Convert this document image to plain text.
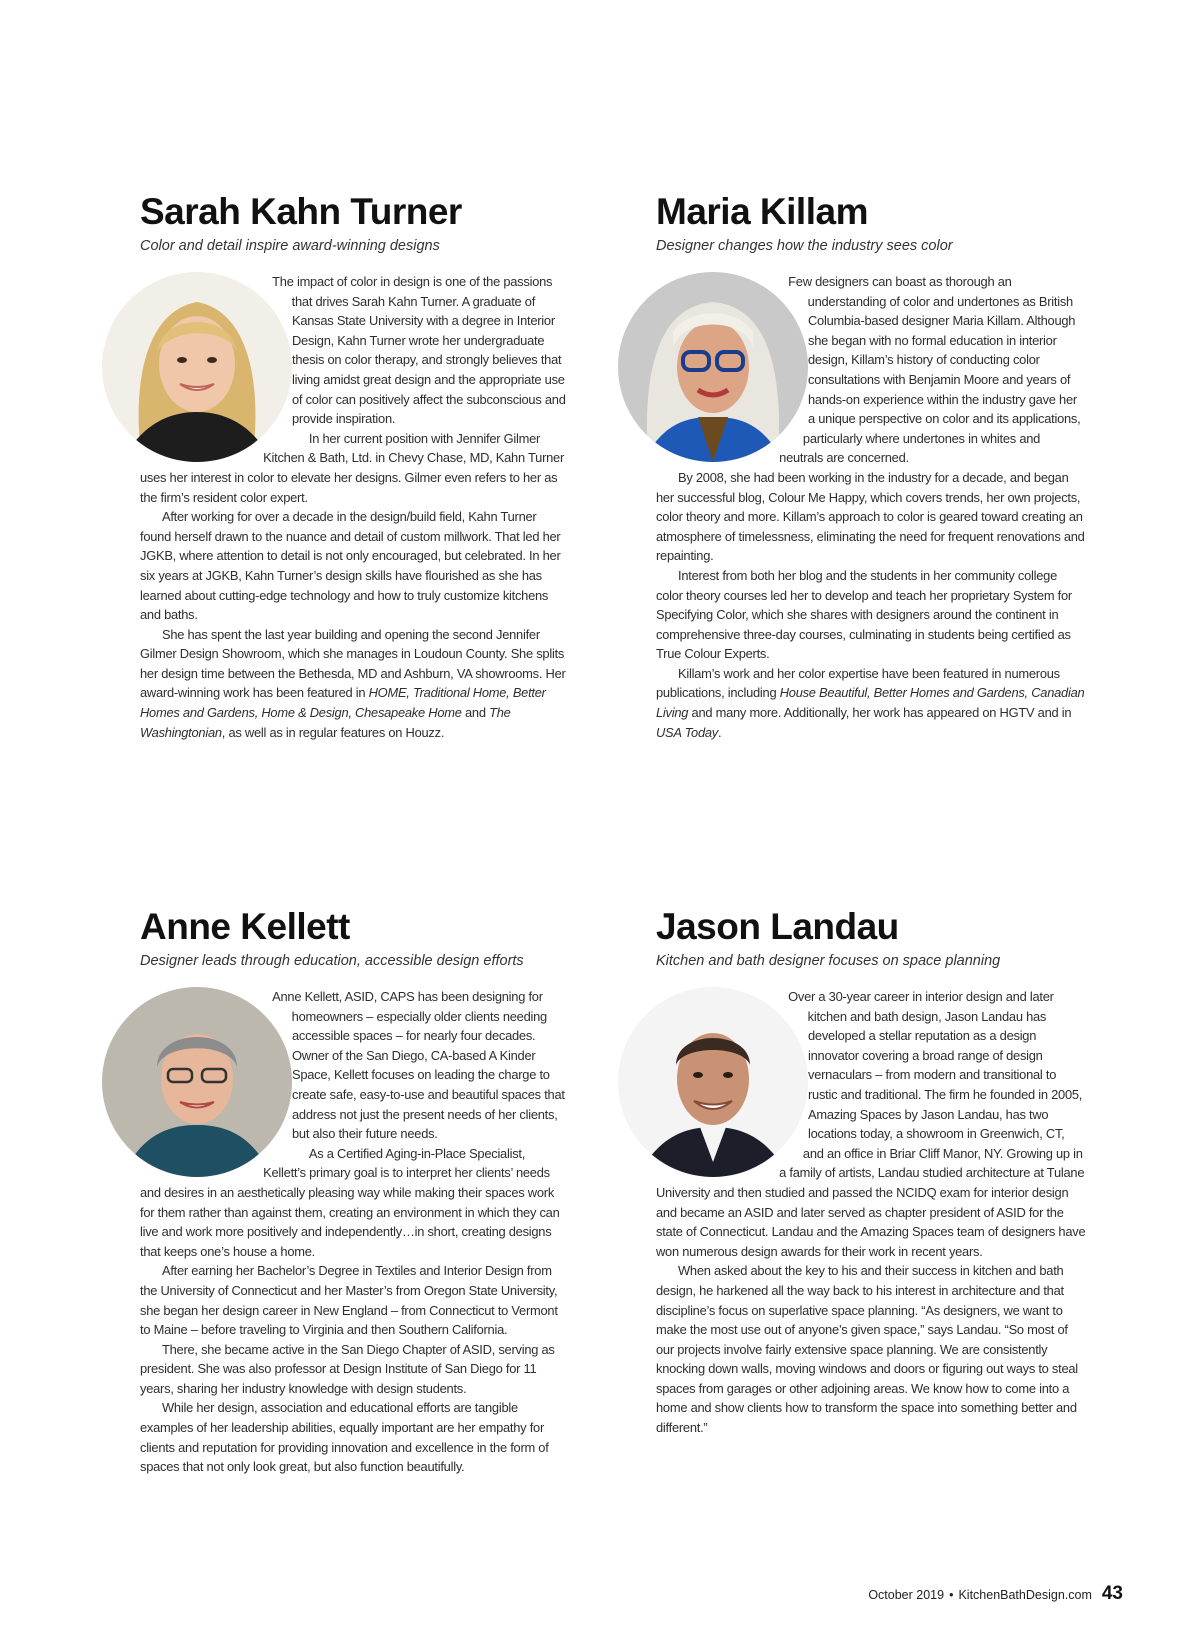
Sarah Kahn Turner
Color and detail inspire award-winning designs

The impact of color in design is one of the passions that drives Sarah Kahn Turner. A graduate of Kansas State University with a degree in Interior Design, Kahn Turner wrote her undergraduate thesis on color therapy, and strongly believes that living amidst great design and the appropriate use of color can positively affect the subconscious and provide inspiration.

In her current position with Jennifer Gilmer Kitchen & Bath, Ltd. in Chevy Chase, MD, Kahn Turner uses her interest in color to elevate her designs. Gilmer even refers to her as the firm’s resident color expert.

After working for over a decade in the design/build field, Kahn Turner found herself drawn to the nuance and detail of custom millwork. That led her JGKB, where attention to detail is not only encouraged, but celebrated. In her six years at JGKB, Kahn Turner’s design skills have flourished as she has learned about cutting-edge technology and how to truly customize kitchens and baths.

She has spent the last year building and opening the second Jennifer Gilmer Design Showroom, which she manages in Loudoun County. She splits her design time between the Bethesda, MD and Ashburn, VA showrooms. Her award-winning work has been featured in HOME, Traditional Home, Better Homes and Gardens, Home & Design, Chesapeake Home and The Washingtonian, as well as in regular features on Houzz.

Maria Killam
Designer changes how the industry sees color

Few designers can boast as thorough an understanding of color and undertones as British Columbia-based designer Maria Killam. Although she began with no formal education in interior design, Killam’s history of conducting color consultations with Benjamin Moore and years of hands-on experience within the industry gave her a unique perspective on color and its applications, particularly where undertones in whites and neutrals are concerned.

By 2008, she had been working in the industry for a decade, and began her successful blog, Colour Me Happy, which covers trends, her own projects, color theory and more. Killam’s approach to color is geared toward creating an atmosphere of timelessness, eliminating the need for frequent renovations and repainting.

Interest from both her blog and the students in her community college color theory courses led her to develop and teach her proprietary System for Specifying Color, which she shares with designers around the continent in comprehensive three-day courses, culminating in students being certified as True Colour Experts.

Killam’s work and her color expertise have been featured in numerous publications, including House Beautiful, Better Homes and Gardens, Canadian Living and many more. Additionally, her work has appeared on HGTV and in USA Today.

Anne Kellett
Designer leads through education, accessible design efforts

Anne Kellett, ASID, CAPS has been designing for homeowners – especially older clients needing accessible spaces – for nearly four decades. Owner of the San Diego, CA-based A Kinder Space, Kellett focuses on leading the charge to create safe, easy-to-use and beautiful spaces that address not just the present needs of her clients, but also their future needs.

As a Certified Aging-in-Place Specialist, Kellett’s primary goal is to interpret her clients’ needs and desires in an aesthetically pleasing way while making their spaces work for them rather than against them, creating an environment in which they can live and work more positively and independently…in short, creating designs that keeps one’s house a home.

After earning her Bachelor’s Degree in Textiles and Interior Design from the University of Connecticut and her Master’s from Oregon State University, she began her design career in New England – from Connecticut to Vermont to Maine – before traveling to Virginia and then Southern California.

There, she became active in the San Diego Chapter of ASID, serving as president. She was also professor at Design Institute of San Diego for 11 years, sharing her industry knowledge with design students.

While her design, association and educational efforts are tangible examples of her leadership abilities, equally important are her empathy for clients and reputation for providing innovation and excellence in the form of spaces that not only look great, but also function beautifully.

Jason Landau
Kitchen and bath designer focuses on space planning

Over a 30-year career in interior design and later kitchen and bath design, Jason Landau has developed a stellar reputation as a design innovator covering a broad range of design vernaculars – from modern and transitional to rustic and traditional. The firm he founded in 2005, Amazing Spaces by Jason Landau, has two locations today, a showroom in Greenwich, CT, and an office in Briar Cliff Manor, NY. Growing up in a family of artists, Landau studied architecture at Tulane University and then studied and passed the NCIDQ exam for interior design and became an ASID and later served as chapter president of ASID for the state of Connecticut. Landau and the Amazing Spaces team of designers have won numerous design awards for their work in recent years.

When asked about the key to his and their success in kitchen and bath design, he harkened all the way back to his interest in architecture and that discipline’s focus on superlative space planning. “As designers, we want to make the most use out of anyone’s given space,” says Landau. “So most of our projects involve fairly extensive space planning. We are consistently knocking down walls, moving windows and doors or figuring out ways to steal spaces from garages or other adjoining areas. We know how to come into a home and show clients how to transform the space into something better and different.”

October 2019 • KitchenBathDesign.com 43
